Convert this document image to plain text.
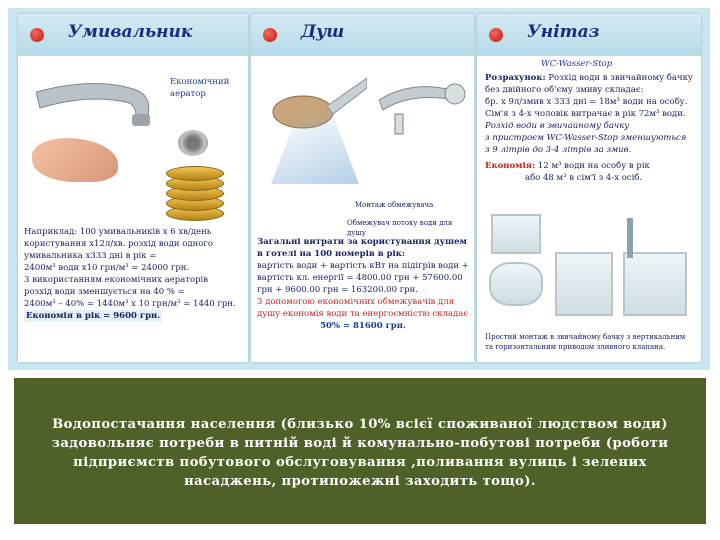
Умивальник
Економічний аератор
Наприклад: 100 умивальників х 6 хв/день
користування х12л/хв. розхід води одного
умивальника х333 дні в рік =
2400м³ води х10 грн/м³ = 24000 грн.
3 використанням економічних аераторів
розхід води зменшується на 40 % =
2400м³ – 40% = 1440м³ х 10 грн/м³ = 1440 грн.
Економія в рік = 9600 грн.
Душ
Монтаж обмежувача
Обмежувач потоку води для душу
Загальні витрати за користування душем
в готелі на 100 номерів в рік:
вартість води + вартість кВт на підігрів води +
вартість кл. енергії = 4800.00 грн + 57600.00
грн + 9600.00 грн = 163200.00 грн.
3 допомогою економічних обмежувачів для
душу економія води та енергоємністю складає
50% = 81600 грн.
Унітаз
WC-Wasser-Stop
Розрахунок: Розхід води в звичайному бачку
без двійного об'єму змиву складає:
бр. х 9л/змив х 333 дні = 18м³ води на особу.
Сім'я з 4-х чоловік витрачає в рік 72м³ води.
Розхід води в звичайному бачку
з пристроєм WC-Wasser-Stop зменшуються
з 9 літрів до 3-4 літрів за змив.
Економія: 12 м³ води на особу в рік
або 48 м³ в сім'ї з 4-х осіб.
Простий монтаж в звичайному бачку з вертикальним та горизонтальним приводом зливного клапана.
Водопостачання населення (близько 10% всієї споживаної людством води) задовольняє потреби в питній воді й комунально-побутові потреби (роботи підприємств побутового обслуговування ,поливання вулиць і зелених насаджень, протипожежні заходить тощо).
